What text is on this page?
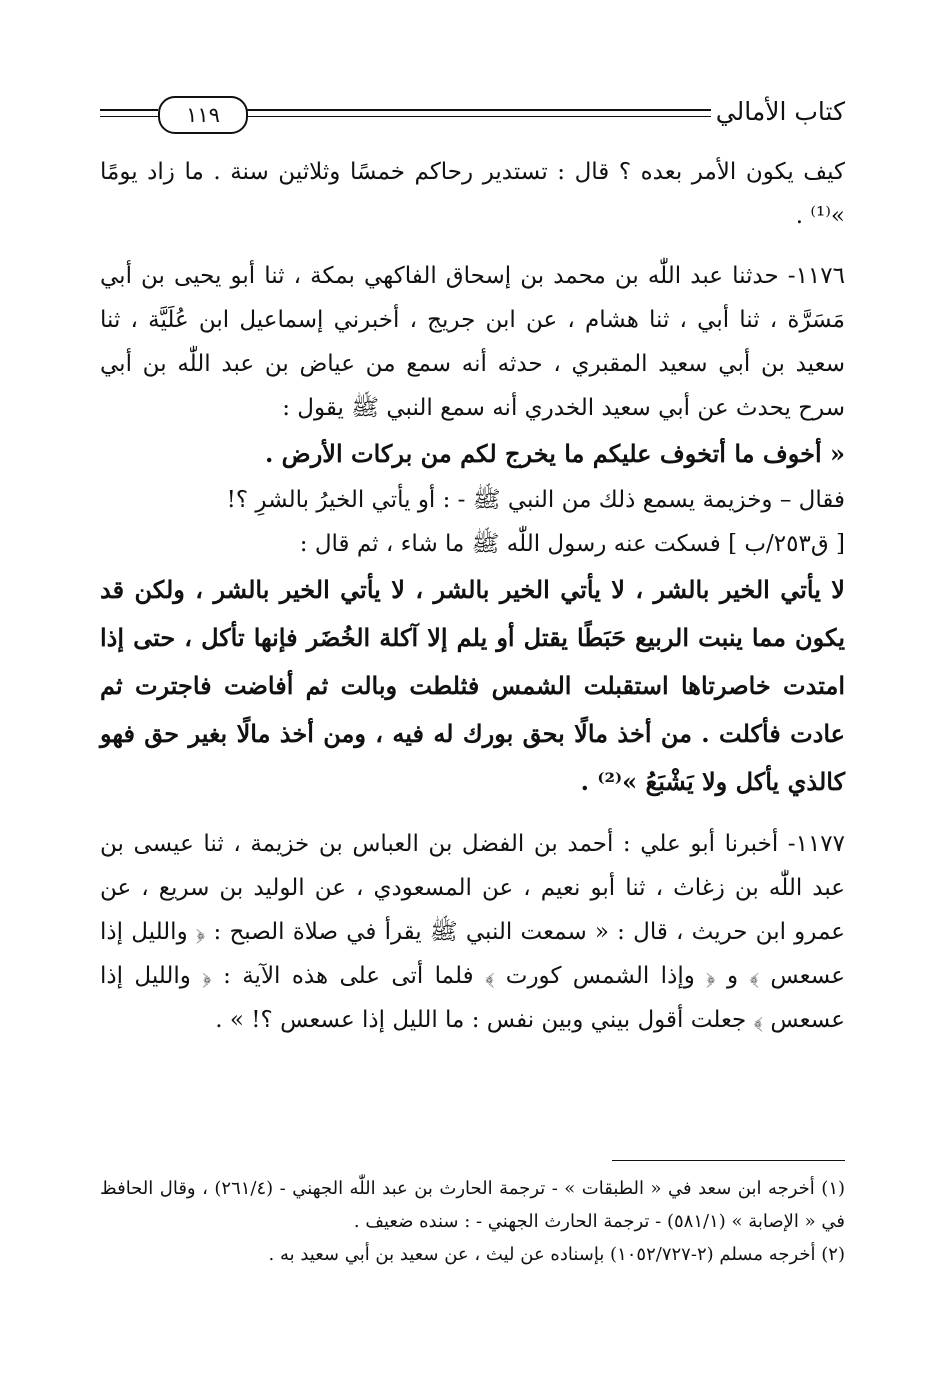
١١٩	كتاب الأمالي

كيف يكون الأمر بعده ؟ قال : تستدير رحاكم خمسًا وثلاثين سنة . ما زاد يومًا »⁽¹⁾ .

١١٧٦- حدثنا عبد اللّٰه بن محمد بن إسحاق الفاكهي بمكة ، ثنا أبو يحيى بن أبي مَسَرَّة ، ثنا أبي ، ثنا هشام ، عن ابن جريج ، أخبرني إسماعيل ابن عُلَيَّة ، ثنا سعيد بن أبي سعيد المقبري ، حدثه أنه سمع من عياض بن عبد اللّٰه بن أبي سرح يحدث عن أبي سعيد الخدري أنه سمع النبي ﷺ يقول :

« أخوف ما أتخوف عليكم ما يخرج لكم من بركات الأرض .

فقال – وخزيمة يسمع ذلك من النبي ﷺ - : أو يأتي الخيرُ بالشرِ ؟!

[ ق٢٥٣/ب ] فسكت عنه رسول اللّٰه ﷺ ما شاء ، ثم قال :

لا يأتي الخير بالشر ، لا يأتي الخير بالشر ، لا يأتي الخير بالشر ، ولكن قد يكون مما ينبت الربيع حَبَطًا يقتل أو يلم إلا آكلة الخُضَر فإنها تأكل ، حتى إذا امتدت خاصرتاها استقبلت الشمس فثلطت وبالت ثم أفاضت فاجترت ثم عادت فأكلت . من أخذ مالًا بحق بورك له فيه ، ومن أخذ مالًا بغير حق فهو كالذي يأكل ولا يَشْبَعُ »⁽²⁾ .

١١٧٧- أخبرنا أبو علي : أحمد بن الفضل بن العباس بن خزيمة ، ثنا عيسى بن عبد اللّٰه بن زغاث ، ثنا أبو نعيم ، عن المسعودي ، عن الوليد بن سريع ، عن عمرو ابن حريث ، قال : « سمعت النبي ﷺ يقرأ في صلاة الصبح : ﴿ والليل إذا عسعس ﴾ و ﴿ وإذا الشمس كورت ﴾ فلما أتى على هذه الآية : ﴿ والليل إذا عسعس ﴾ جعلت أقول بيني وبين نفس : ما الليل إذا عسعس ؟! » .

(١) أخرجه ابن سعد في « الطبقات » - ترجمة الحارث بن عبد اللّٰه الجهني - (٢٦١/٤) ، وقال الحافظ في « الإصابة » (٥٨١/١) - ترجمة الحارث الجهني - : سنده ضعيف .

(٢) أخرجه مسلم (٢-١٠٥٢/٧٢٧) بإسناده عن ليث ، عن سعيد بن أبي سعيد به .
